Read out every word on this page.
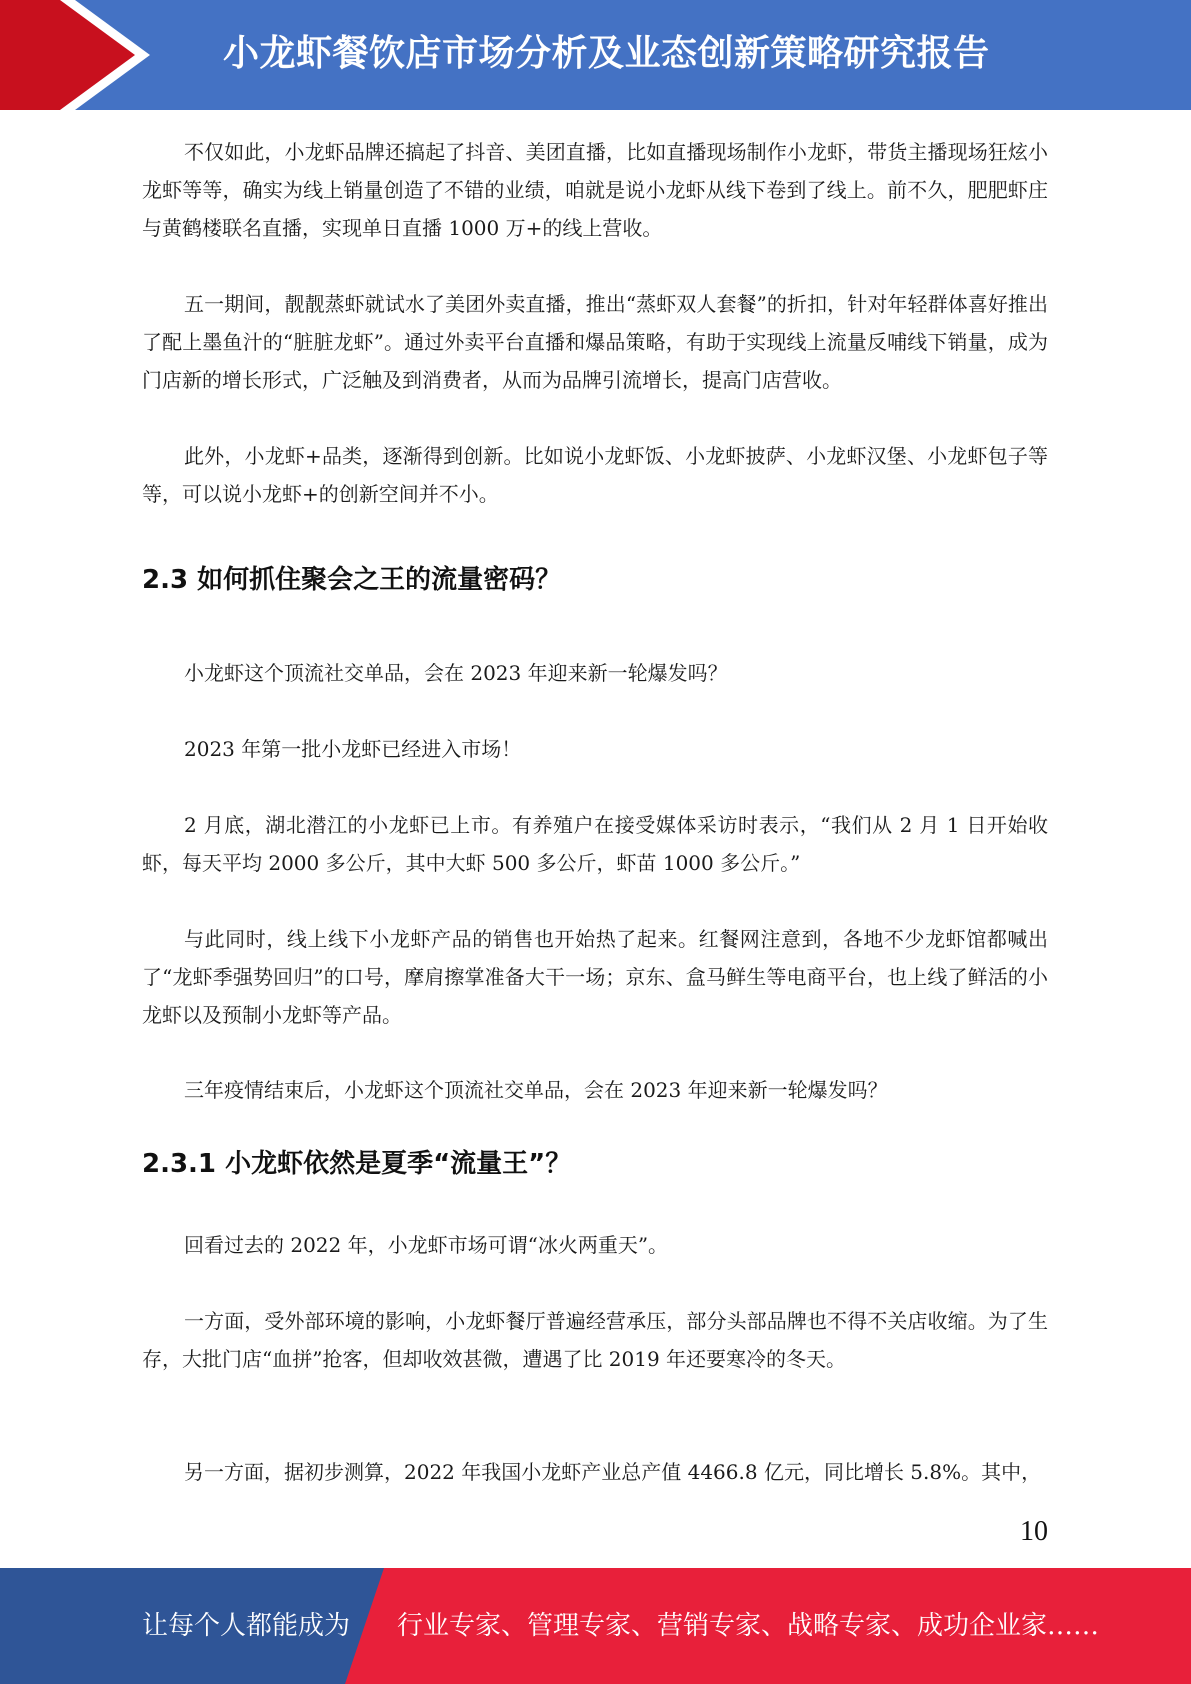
小龙虾餐饮店市场分析及业态创新策略研究报告

不仅如此，小龙虾品牌还搞起了抖音、美团直播，比如直播现场制作小龙虾，带货主播现场狂炫小龙虾等等，确实为线上销量创造了不错的业绩，咱就是说小龙虾从线下卷到了线上。前不久，肥肥虾庄与黄鹤楼联名直播，实现单日直播 1000 万+的线上营收。

五一期间，靓靓蒸虾就试水了美团外卖直播，推出“蒸虾双人套餐”的折扣，针对年轻群体喜好推出了配上墨鱼汁的“脏脏龙虾”。通过外卖平台直播和爆品策略，有助于实现线上流量反哺线下销量，成为门店新的增长形式，广泛触及到消费者，从而为品牌引流增长，提高门店营收。

此外，小龙虾+品类，逐渐得到创新。比如说小龙虾饭、小龙虾披萨、小龙虾汉堡、小龙虾包子等等，可以说小龙虾+的创新空间并不小。

2.3 如何抓住聚会之王的流量密码？

小龙虾这个顶流社交单品，会在 2023 年迎来新一轮爆发吗？

2023 年第一批小龙虾已经进入市场！

2 月底，湖北潜江的小龙虾已上市。有养殖户在接受媒体采访时表示，“我们从 2 月 1 日开始收虾，每天平均 2000 多公斤，其中大虾 500 多公斤，虾苗 1000 多公斤。”

与此同时，线上线下小龙虾产品的销售也开始热了起来。红餐网注意到，各地不少龙虾馆都喊出了“龙虾季强势回归”的口号，摩肩擦掌准备大干一场；京东、盒马鲜生等电商平台，也上线了鲜活的小龙虾以及预制小龙虾等产品。

三年疫情结束后，小龙虾这个顶流社交单品，会在 2023 年迎来新一轮爆发吗？

2.3.1 小龙虾依然是夏季“流量王”？

回看过去的 2022 年，小龙虾市场可谓“冰火两重天”。

一方面，受外部环境的影响，小龙虾餐厅普遍经营承压，部分头部品牌也不得不关店收缩。为了生存，大批门店“血拼”抢客，但却收效甚微，遭遇了比 2019 年还要寒冷的冬天。

另一方面，据初步测算，2022 年我国小龙虾产业总产值 4466.8 亿元，同比增长 5.8%。其中，

10
让每个人都能成为 行业专家、管理专家、营销专家、战略专家、成功企业家……
